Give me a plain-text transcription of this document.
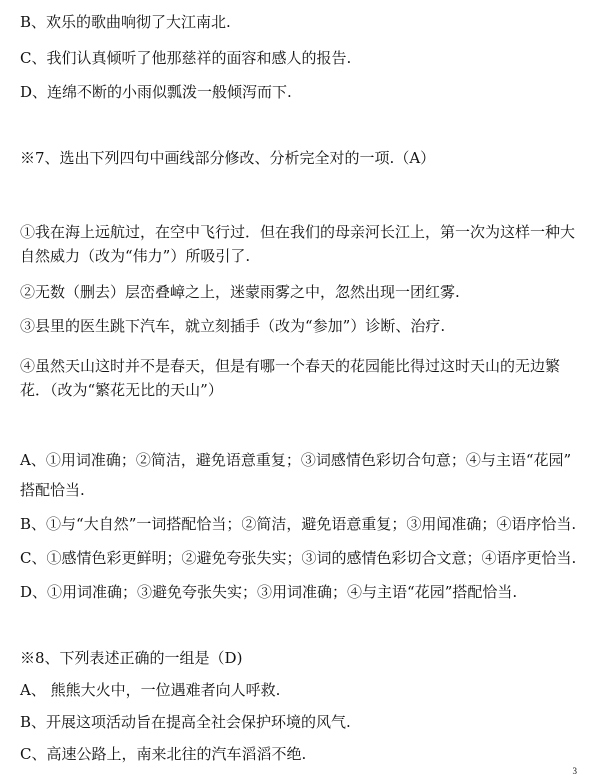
B、欢乐的歌曲响彻了大江南北.
C、我们认真倾听了他那慈祥的面容和感人的报告.
D、连绵不断的小雨似瓢泼一般倾泻而下.
※7、选出下列四句中画线部分修改、分析完全对的一项.（A）
①我在海上远航过，在空中飞行过．但在我们的母亲河长江上，第一次为这样一种大
自然威力（改为“伟力”）所吸引了.
②无数（删去）层峦叠嶂之上，迷蒙雨雾之中，忽然出现一团红雾.
③县里的医生跳下汽车，就立刻插手（改为“参加”）诊断、治疗.
④虽然天山这时并不是春天，但是有哪一个春天的花园能比得过这时天山的无边繁
花．（改为“繁花无比的天山”）
A、①用词准确；②简洁，避免语意重复；③词感情色彩切合句意；④与主语“花园”
搭配恰当.
B、①与“大自然”一词搭配恰当；②简洁，避免语意重复；③用闻准确；④语序恰当.
C、①感情色彩更鲜明；②避免夸张失实；③词的感情色彩切合文意；④语序更恰当.
D、①用词准确；③避免夸张失实；③用词准确；④与主语“花园”搭配恰当.
※8、下列表述正确的一组是（D)
A、 熊熊大火中，一位遇难者向人呼救.
B、开展这项活动旨在提高全社会保护环境的风气.
C、高速公路上，南来北往的汽车滔滔不绝.
3
